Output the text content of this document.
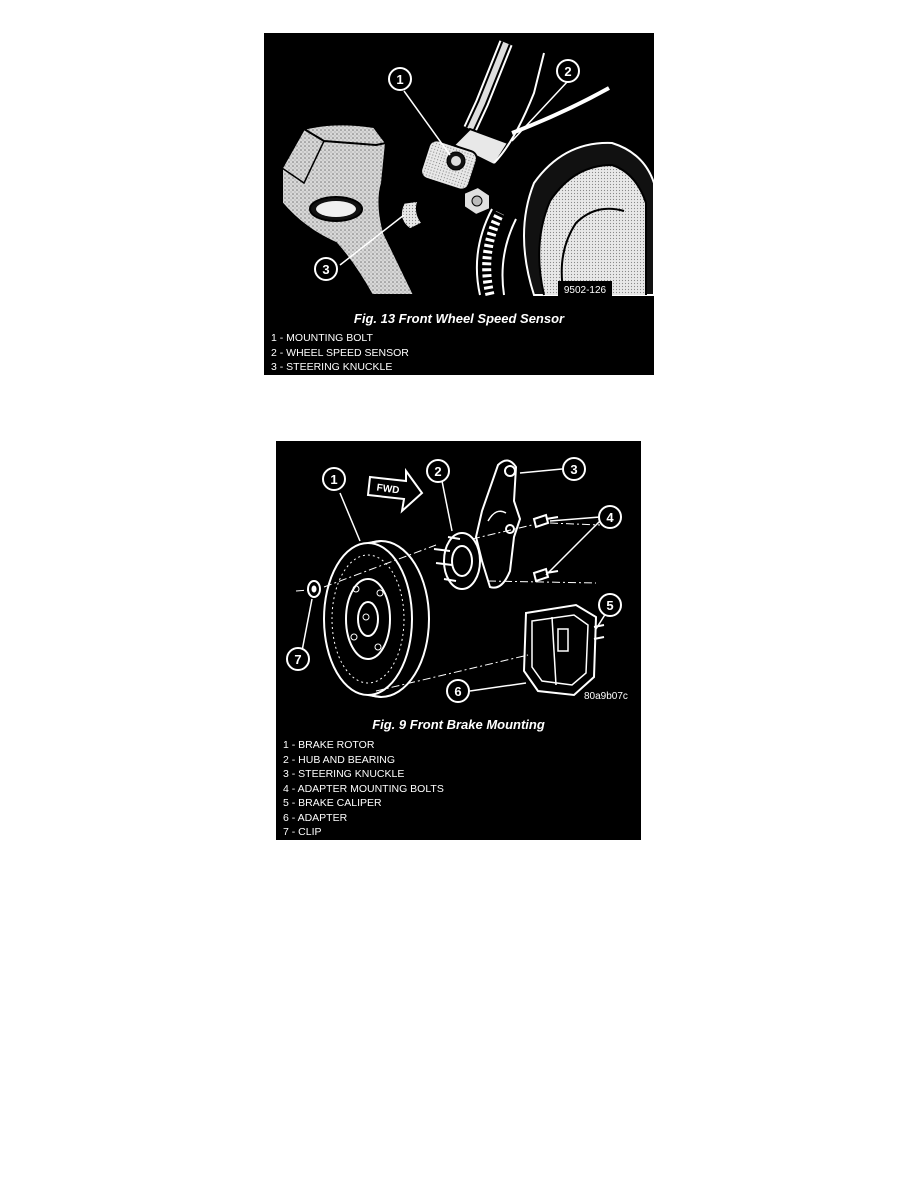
1
2
3
9502-126
Fig. 13 Front Wheel Speed Sensor
1 - MOUNTING BOLT
2 - WHEEL SPEED SENSOR
3 - STEERING KNUCKLE
FWD
1
2	3
4
5
6
7
80a9b07c
Fig. 9 Front Brake Mounting
1 - BRAKE ROTOR
2 - HUB AND BEARING
3 - STEERING KNUCKLE
4 - ADAPTER MOUNTING BOLTS
5 - BRAKE CALIPER
6 - ADAPTER
7 - CLIP
